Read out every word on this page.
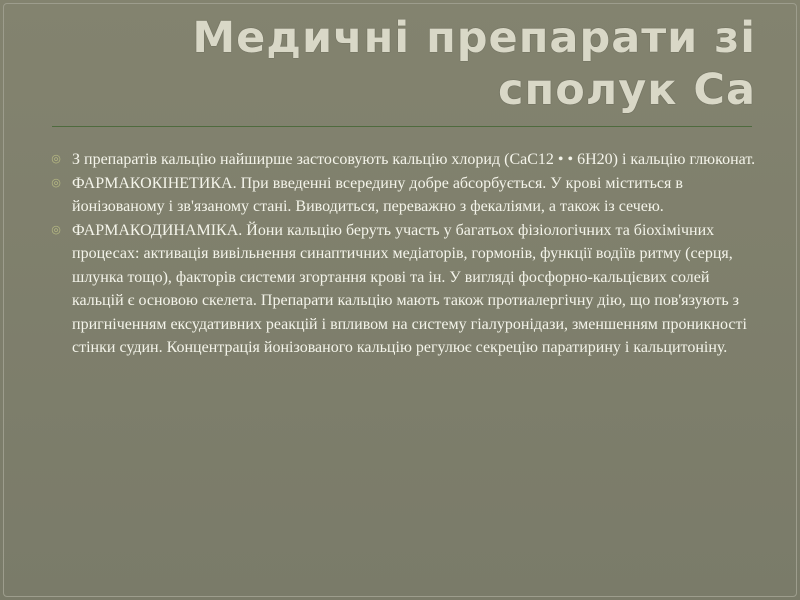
Медичні препарати зі сполук Са

◎ З препаратів кальцію найширше застосовують кальцію хлорид (СаС12 • • 6Н20) і кальцію глюконат.

◎ ФАРМАКОКІНЕТИКА. При введенні всередину добре абсорбується. У крові міститься в йонізованому і зв'язаному стані. Виводиться, переважно з фекаліями, а також із сечею.

◎ ФАРМАКОДИНАМІКА. Йони кальцію беруть участь у багатьох фізіологічних та біохімічних процесах: активація вивільнення синаптичних медіаторів, гормонів, функції водіїв ритму (серця, шлунка тощо), факторів системи згортання крові та ін. У вигляді фосфорно-кальцієвих солей кальцій є основою скелета. Препарати кальцію мають також протиалергічну дію, що пов'язують з пригніченням ексудативних реакцій і впливом на систему гіалуронідази, зменшенням проникності стінки судин. Концентрація йонізованого кальцію регулює секрецію паратирину і кальцитоніну.
